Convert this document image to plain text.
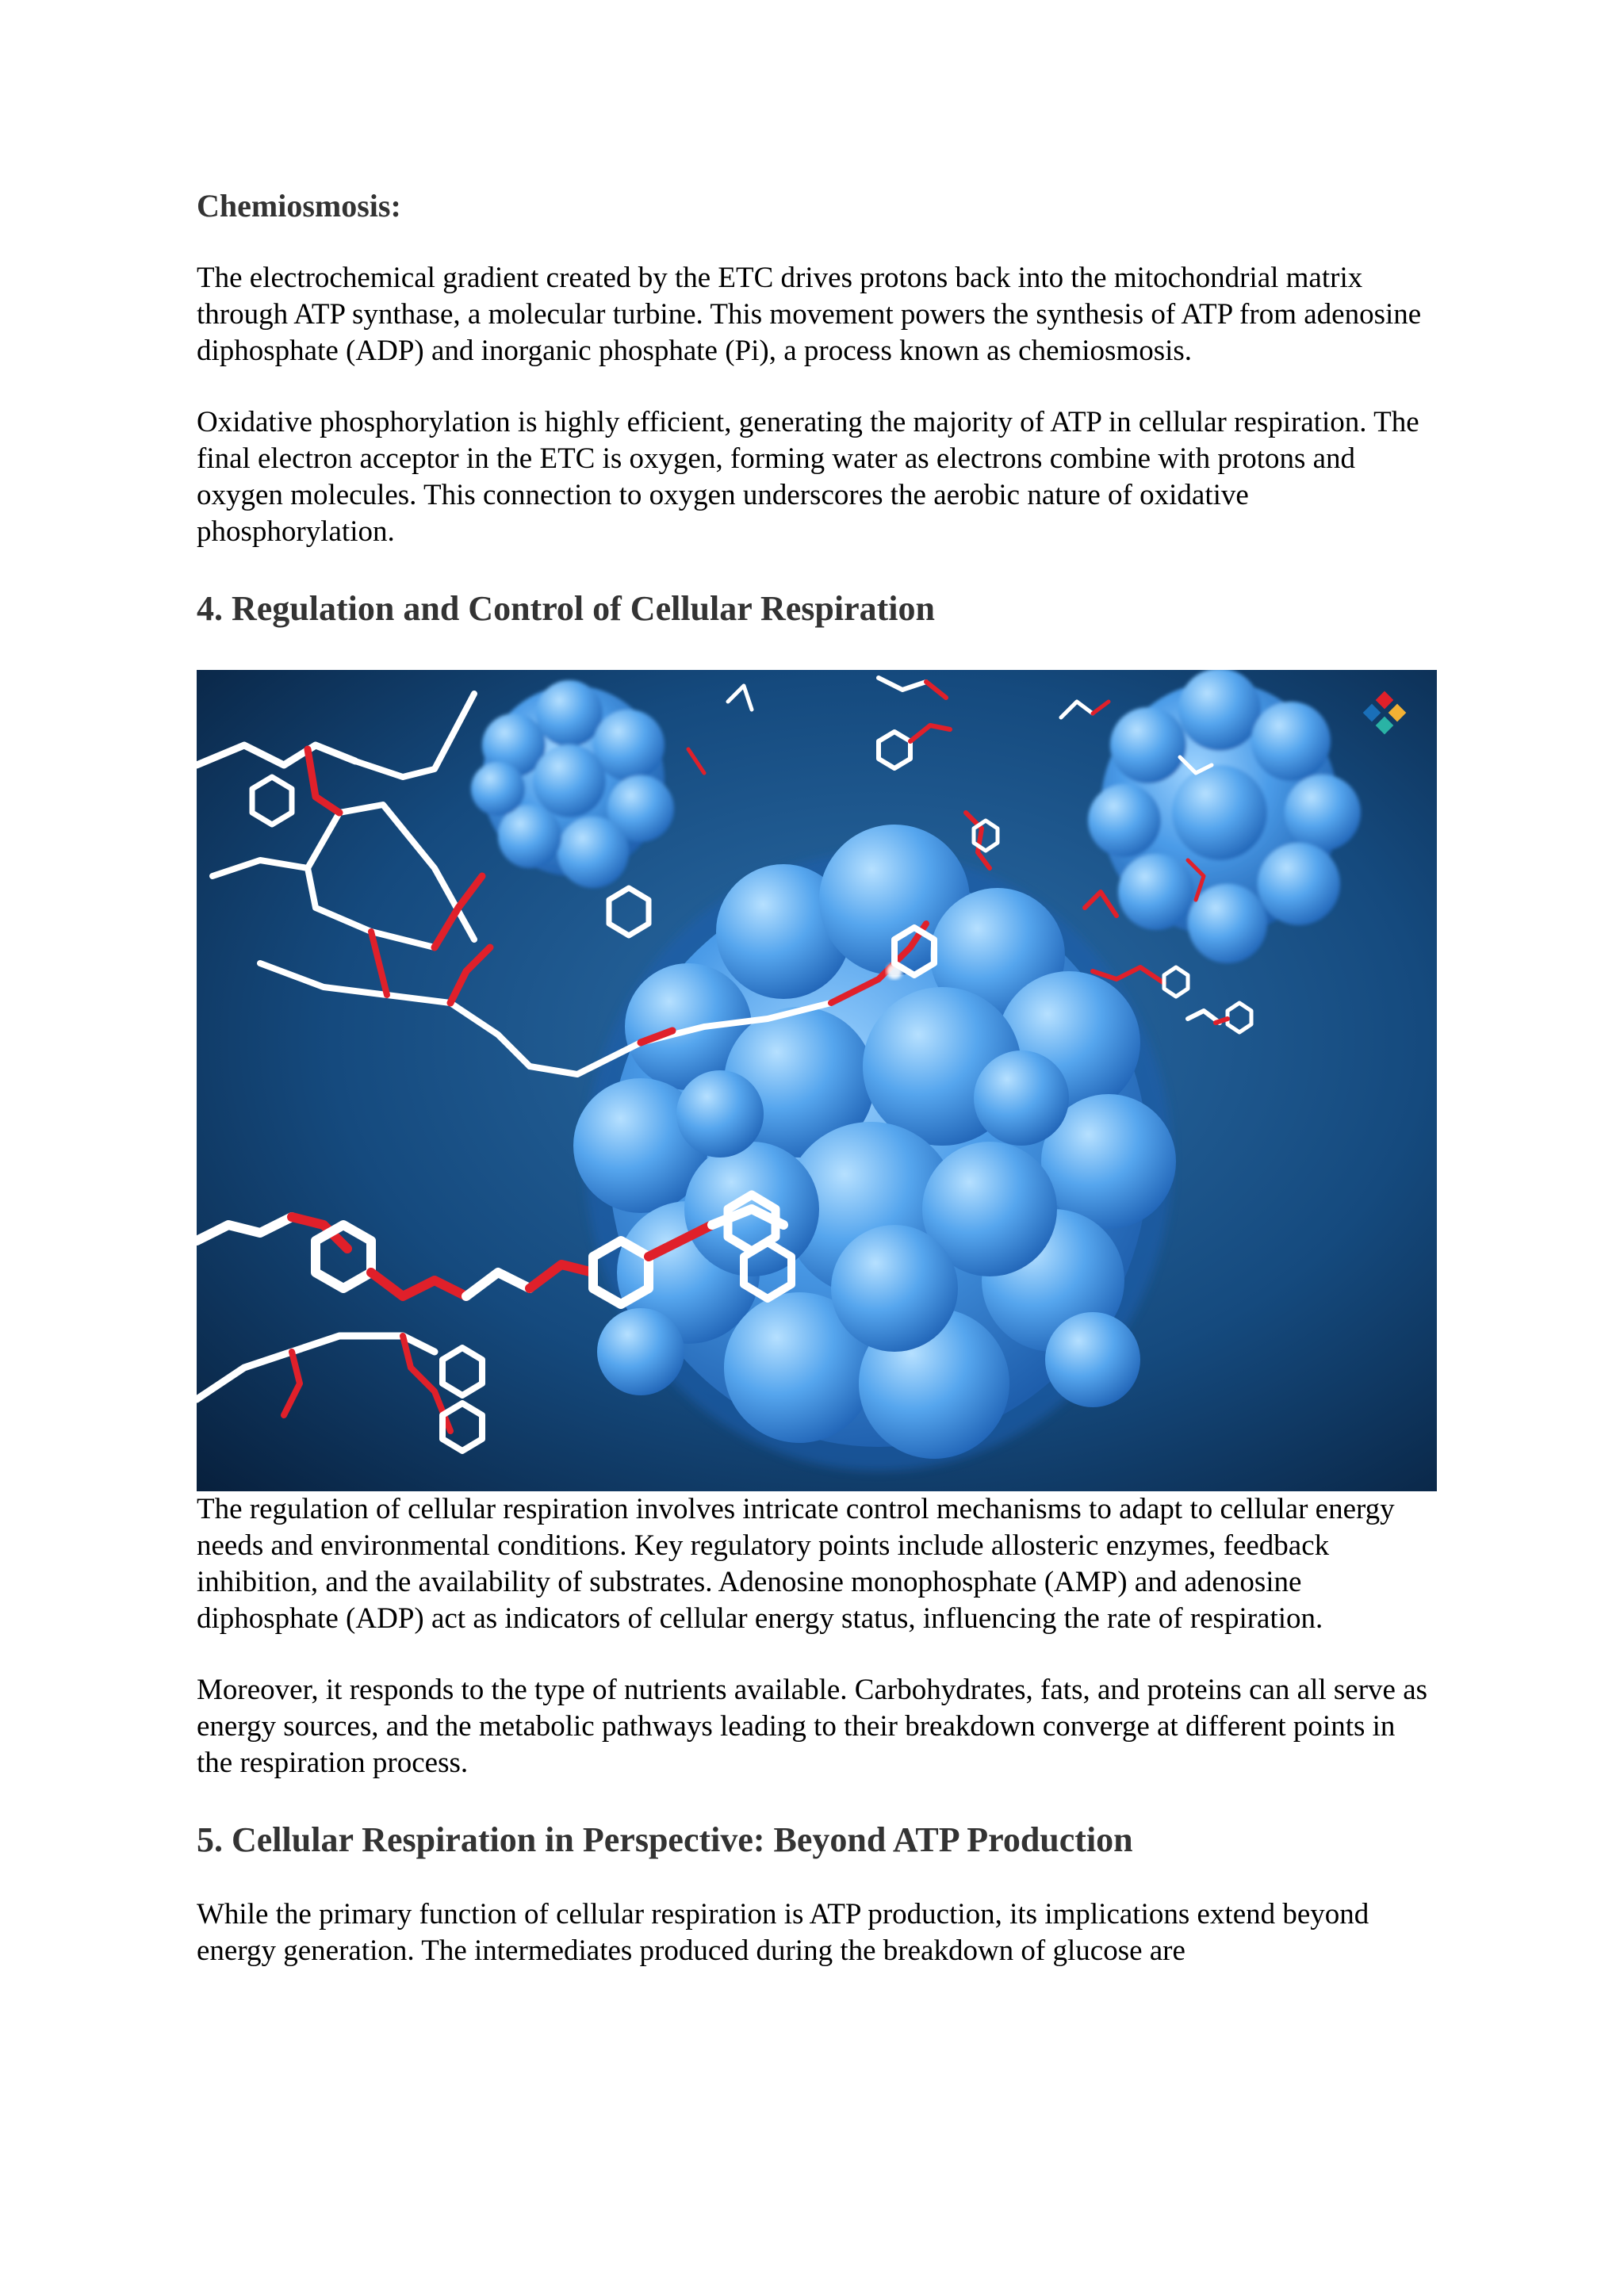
Chemiosmosis:

The electrochemical gradient created by the ETC drives protons back into the mitochondrial matrix through ATP synthase, a molecular turbine. This movement powers the synthesis of ATP from adenosine diphosphate (ADP) and inorganic phosphate (Pi), a process known as chemiosmosis.

Oxidative phosphorylation is highly efficient, generating the majority of ATP in cellular respiration. The final electron acceptor in the ETC is oxygen, forming water as electrons combine with protons and oxygen molecules. This connection to oxygen underscores the aerobic nature of oxidative phosphorylation.

4. Regulation and Control of Cellular Respiration

The regulation of cellular respiration involves intricate control mechanisms to adapt to cellular energy needs and environmental conditions. Key regulatory points include allosteric enzymes, feedback inhibition, and the availability of substrates. Adenosine monophosphate (AMP) and adenosine diphosphate (ADP) act as indicators of cellular energy status, influencing the rate of respiration.

Moreover, it responds to the type of nutrients available. Carbohydrates, fats, and proteins can all serve as energy sources, and the metabolic pathways leading to their breakdown converge at different points in the respiration process.

5. Cellular Respiration in Perspective: Beyond ATP Production

While the primary function of cellular respiration is ATP production, its implications extend beyond energy generation. The intermediates produced during the breakdown of glucose are
